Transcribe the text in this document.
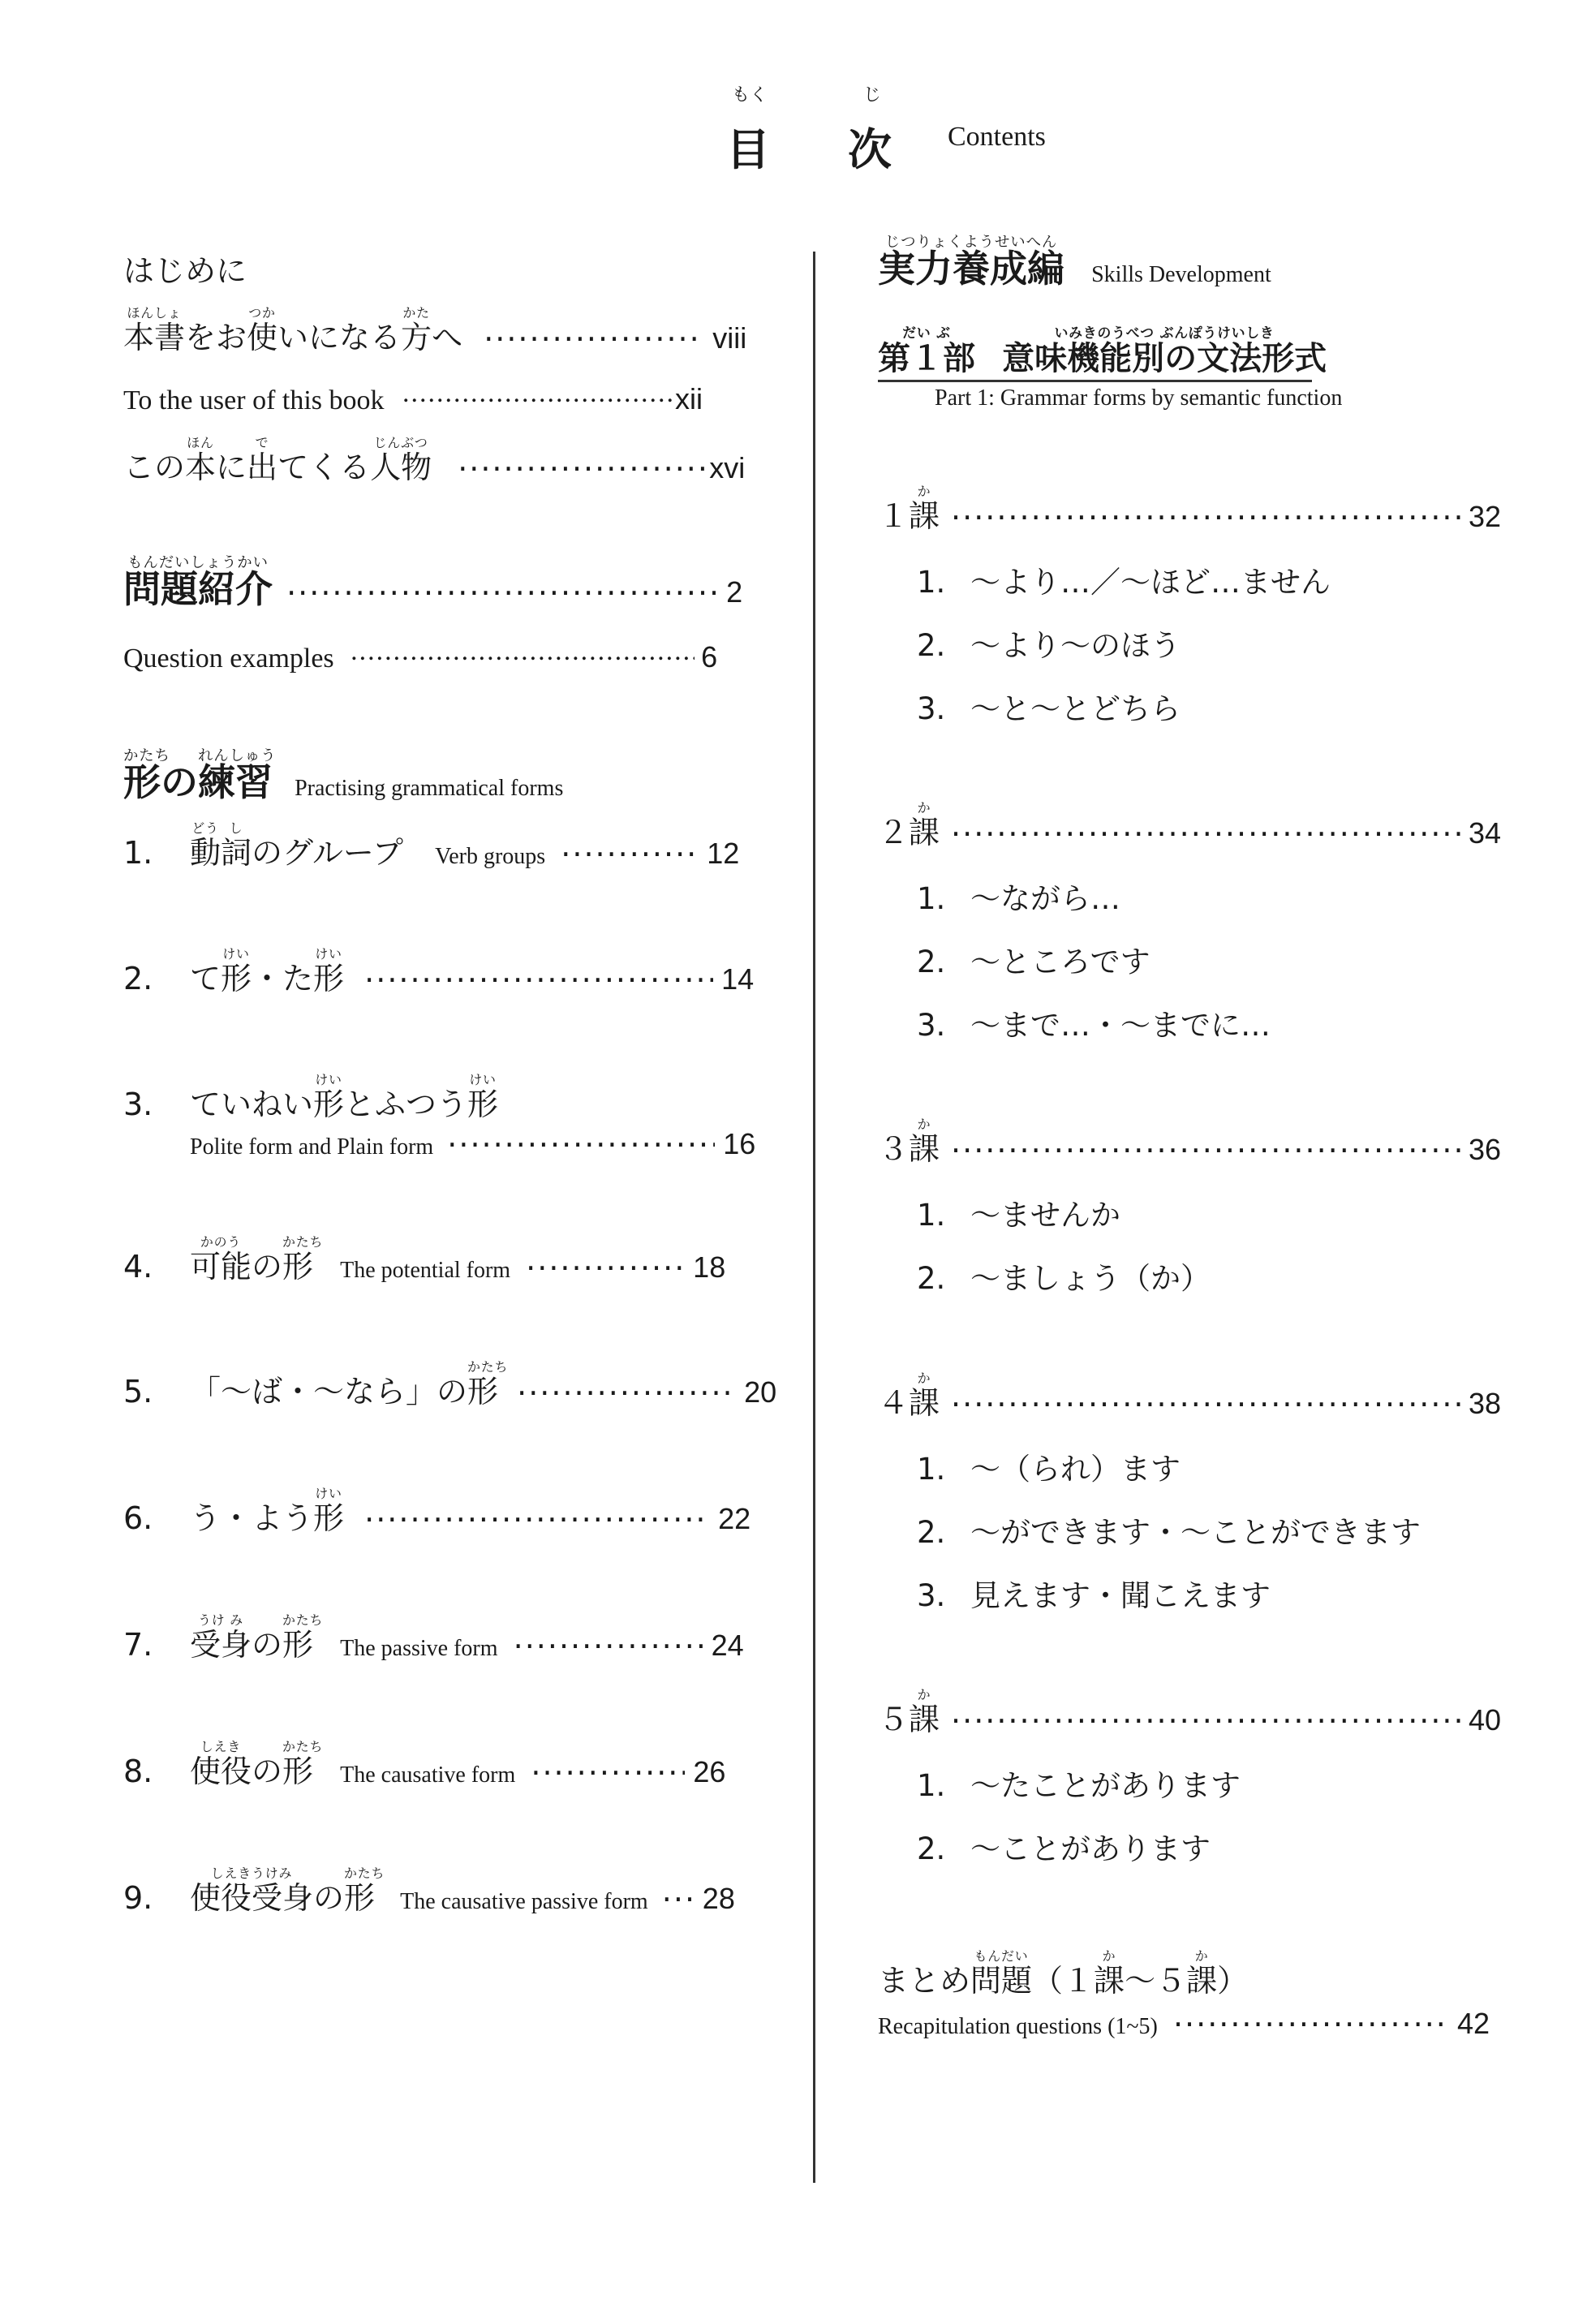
もく
目
じ
次 Contents
はじめに
ほんしょ
本書をお
つか
使いになる
かた
方へ .....	viii
To the user of this book .....	xii
この
ほん
本に
で
出てくる
じんぶつ
人物 .....	xvi
もんだいしょうかい
問題紹介 .....	2
Question examples .....	6
かたち
形の
れんしゅう
練習 Practising grammatical forms
1.
どう
動
し
詞のグループ Verb groups .....	12
2. て
けい
形・た
けい
形 .....	14
3. ていねい
けい
形とふつう
けい
形
Polite form and Plain form .....	16
4.
かのう
可能の
かたち
形 The potential form .....	18
5. 「〜ば・〜なら」の
かたち
形 .....	20
6. う・よう
けい
形 .....	22
7.
うけ み
受身の
かたち
形 The passive form .....	24
8.
しえき
使役の
かたち
形 The causative form .....	26
9.
しえきうけみ
使役受身の
かたち
形 The causative passive form ..... 28
じつりょくようせいへん
実力養成編 Skills Development
だい ぶ
第１部
いみきのうべつ ぶんぽうけいしき
意味機能別の文法形式
Part 1: Grammar forms by semantic function
１
か
課 .....	32
1. 〜より…／〜ほど…ません
2. 〜より〜のほう
3. 〜と〜とどちら
２
か
課 .....	34
1. 〜ながら…
2. 〜ところです
3. 〜まで…・〜までに…
３
か
課 .....	36
1. 〜ませんか
2. 〜ましょう（か）
４
か
課 .....	38
1. 〜（られ）ます
2. 〜ができます・〜ことができます
3. 見えます・聞こえます
５
か
課 .....	40
1. 〜たことがあります
2. 〜ことがあります
まとめ
もんだい
問題（１
か
課〜５
か
課）
Recapitulation questions (1~5) .....	42
